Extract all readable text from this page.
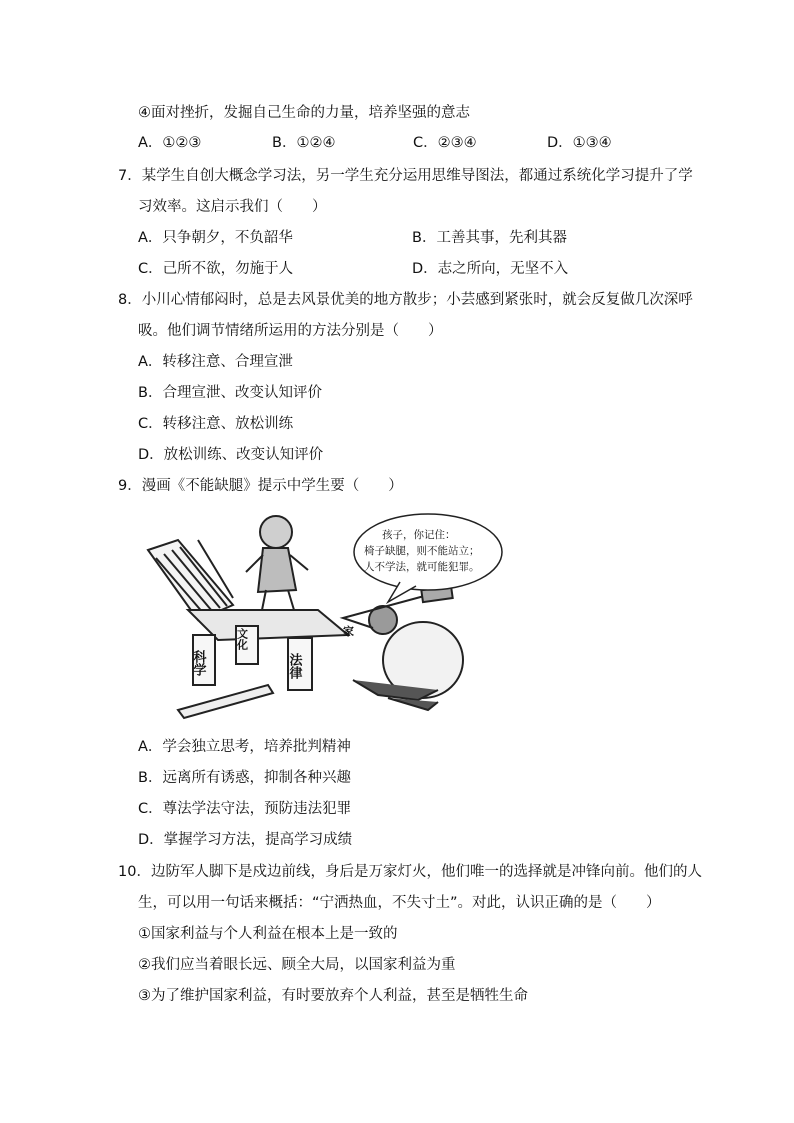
④面对挫折，发掘自己生命的力量，培养坚强的意志
A．①②③	B．①②④	C．②③④	D．①③④
7．某学生自创大概念学习法，另一学生充分运用思维导图法，都通过系统化学习提升了学
习效率。这启示我们（　　）
A．只争朝夕，不负韶华	B．工善其事，先利其器
C．己所不欲，勿施于人	D．志之所向，无坚不入
8．小川心情郁闷时，总是去风景优美的地方散步；小芸感到紧张时，就会反复做几次深呼
吸。他们调节情绪所运用的方法分别是（　　）
A．转移注意、合理宣泄
B．合理宣泄、改变认知评价
C．转移注意、放松训练
D．放松训练、改变认知评价
9．漫画《不能缺腿》提示中学生要（　　）
科学
文化
法律
家
孩子，你记住：
椅子缺腿，则不能站立；
人不学法，就可能犯罪。
A．学会独立思考，培养批判精神
B．远离所有诱惑，抑制各种兴趣
C．尊法学法守法，预防违法犯罪
D．掌握学习方法，提高学习成绩
10．边防军人脚下是戍边前线，身后是万家灯火，他们唯一的选择就是冲锋向前。他们的人
生，可以用一句话来概括：“宁洒热血，不失寸土”。对此，认识正确的是（　　）
①国家利益与个人利益在根本上是一致的
②我们应当着眼长远、顾全大局，以国家利益为重
③为了维护国家利益，有时要放弃个人利益，甚至是牺牲生命
